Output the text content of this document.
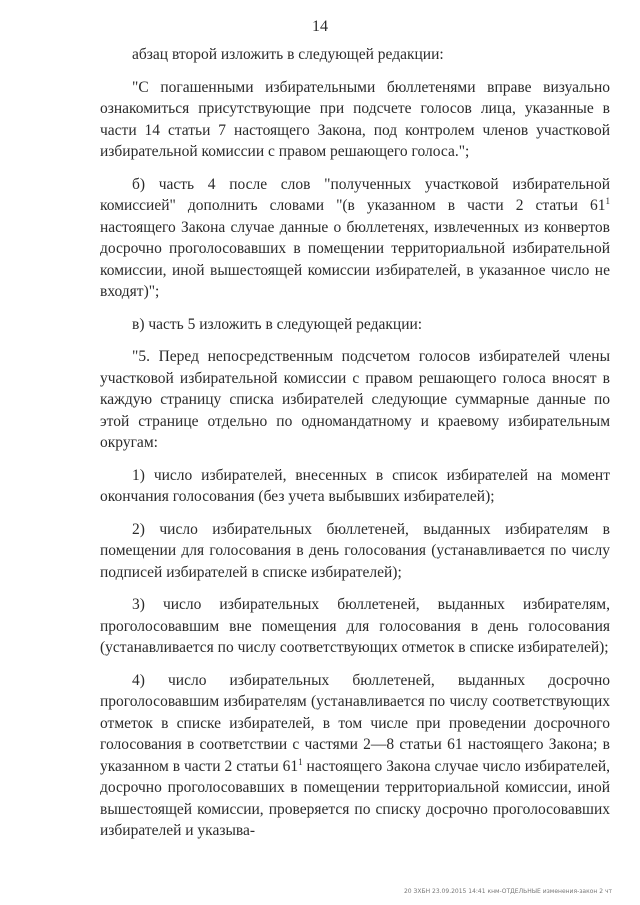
14

абзац второй изложить в следующей редакции:

"С погашенными избирательными бюллетенями вправе визуально ознакомиться присутствующие при подсчете голосов лица, указанные в части 14 статьи 7 настоящего Закона, под контролем членов участковой избирательной комиссии с правом решающего голоса.";

б) часть 4 после слов "полученных участковой избирательной комиссией" дополнить словами "(в указанном в части 2 статьи $61^1$ настоящего Закона случае данные о бюллетенях, извлеченных из конвертов досрочно проголосовавших в помещении территориальной избирательной комиссии, иной вышестоящей комиссии избирателей, в указанное число не входят)";

в) часть 5 изложить в следующей редакции:

"5. Перед непосредственным подсчетом голосов избирателей члены участковой избирательной комиссии с правом решающего голоса вносят в каждую страницу списка избирателей следующие суммарные данные по этой странице отдельно по одномандатному и краевому избирательным округам:

1) число избирателей, внесенных в список избирателей на момент окончания голосования (без учета выбывших избирателей);

2) число избирательных бюллетеней, выданных избирателям в помещении для голосования в день голосования (устанавливается по числу подписей избирателей в списке избирателей);

3) число избирательных бюллетеней, выданных избирателям, проголосовавшим вне помещения для голосования в день голосования (устанавливается по числу соответствующих отметок в списке избирателей);

4) число избирательных бюллетеней, выданных досрочно проголосовавшим избирателям (устанавливается по числу соответствующих отметок в списке избирателей, в том числе при проведении досрочного голосования в соответствии с частями 2—8 статьи 61 настоящего Закона; в указанном в части 2 статьи $61^1$ настоящего Закона случае число избирателей, досрочно проголосовавших в помещении территориальной комиссии, иной вышестоящей комиссии, проверяется по списку досрочно проголосовавших избирателей и указыва-

20 ЗХБН 23.09.2015 14:41 кнм-ОТДЕЛЬНЫЕ изменения-закон 2 чт
